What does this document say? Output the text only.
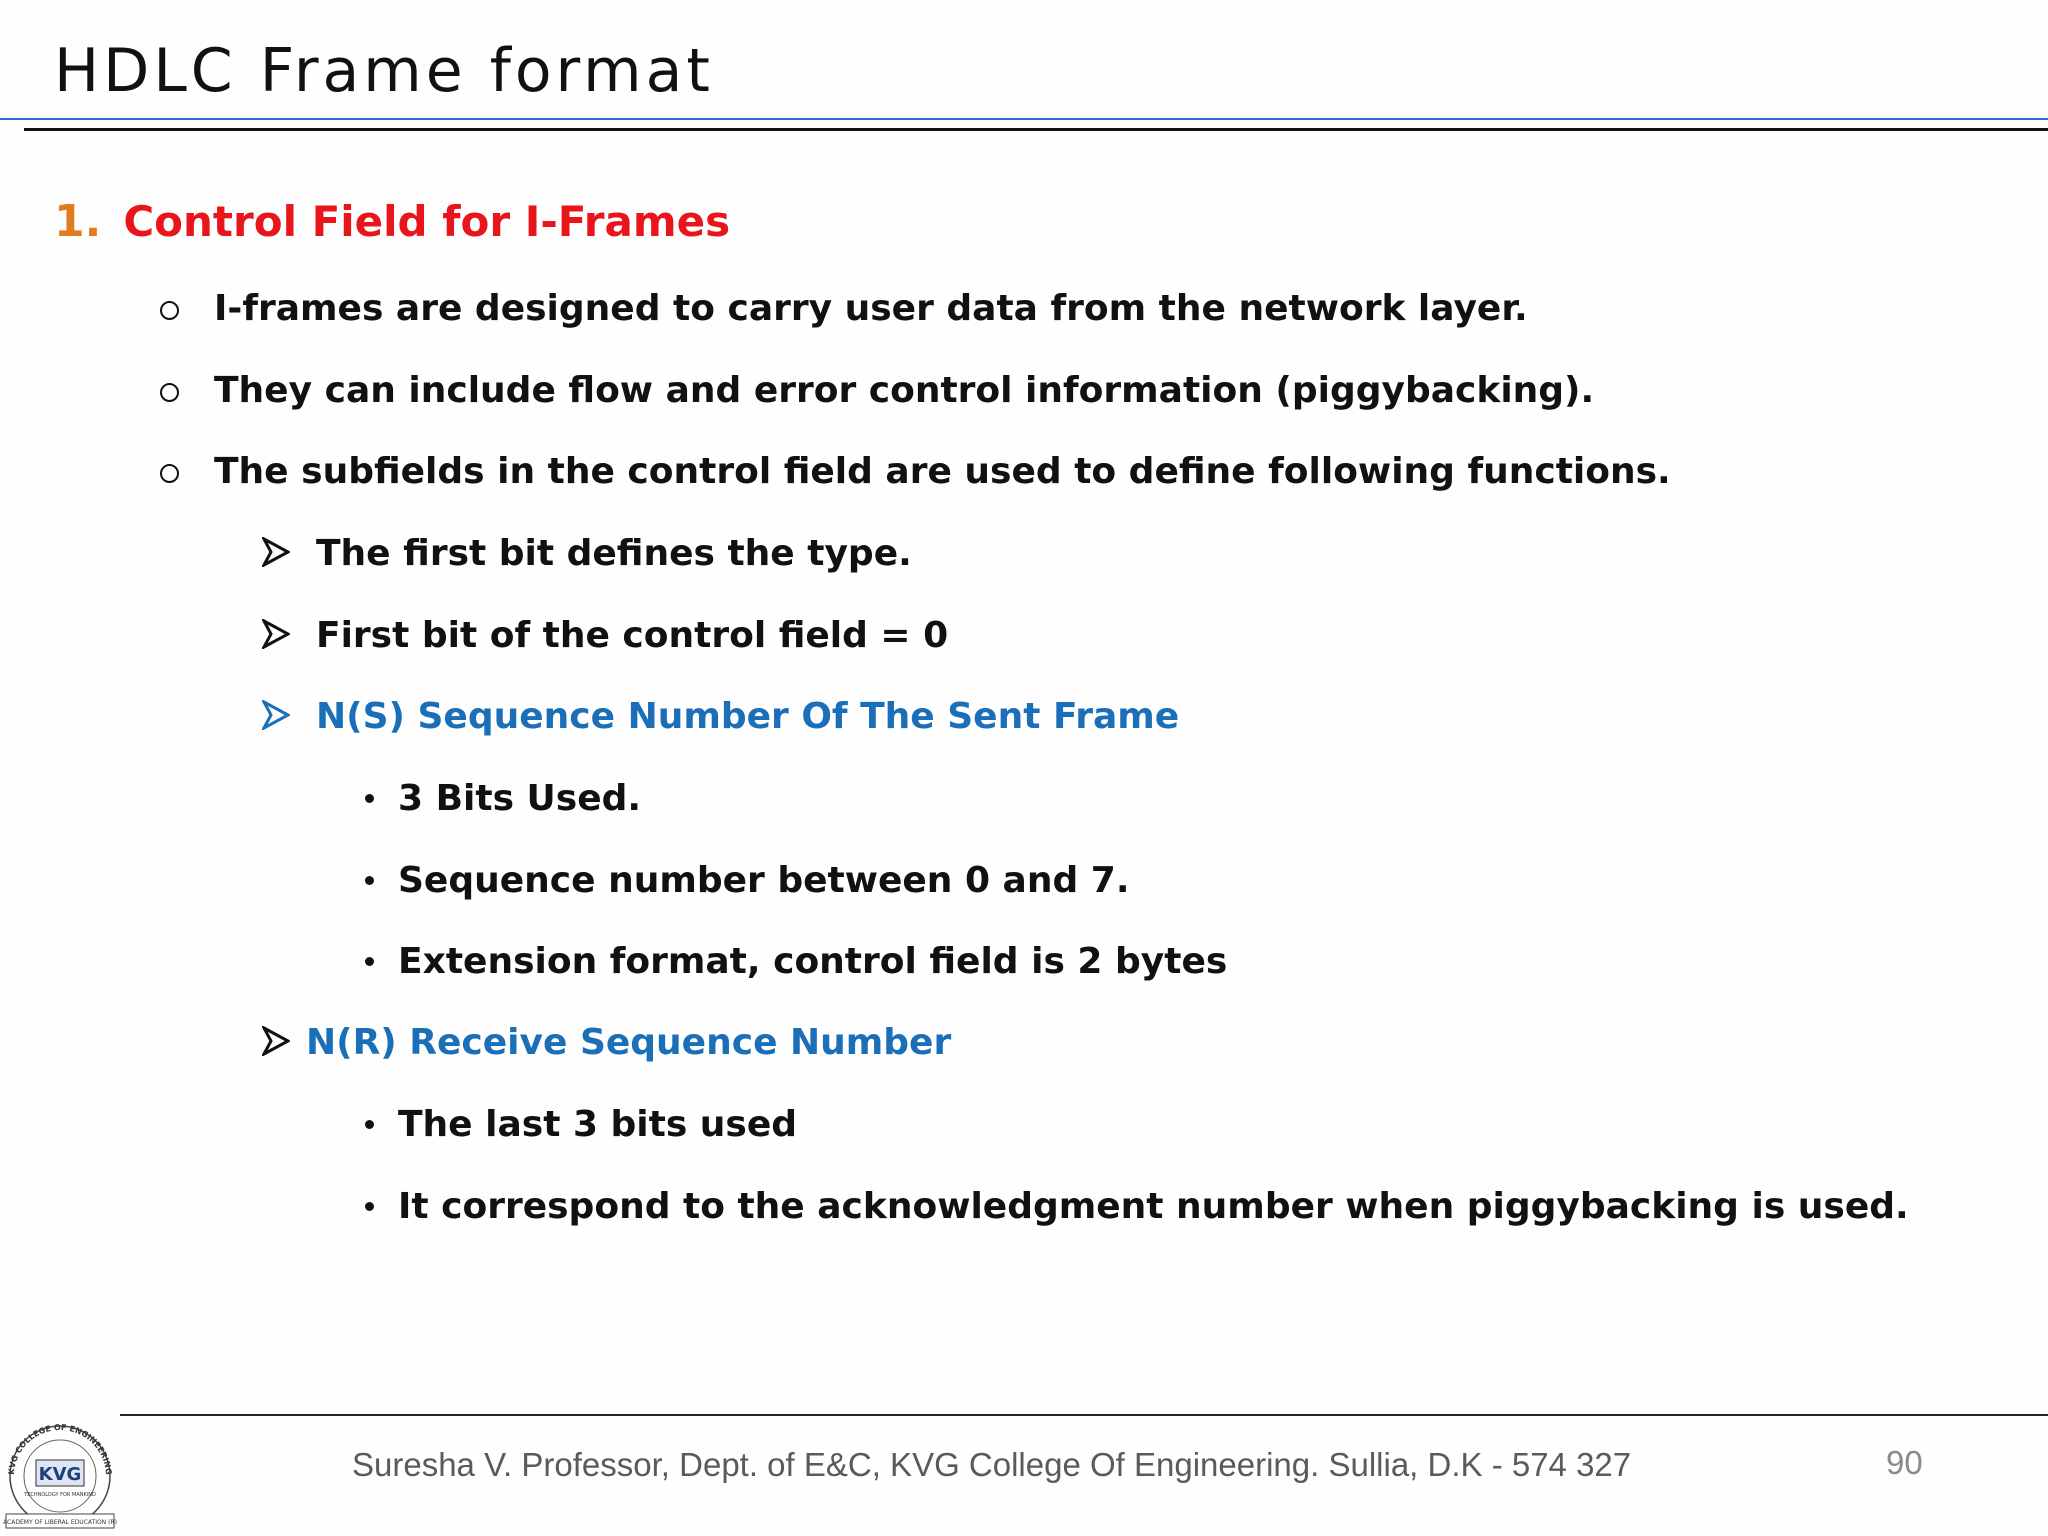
HDLC Frame format
1. Control Field for I-Frames
I-frames are designed to carry user data from the network layer.
They can include flow and error control information (piggybacking).
The subfields in the control field are used to define following functions.
The first bit defines the type.
First bit of the control field = 0
N(S) Sequence Number Of The Sent Frame
3 Bits Used.
Sequence number between 0 and 7.
Extension format, control field is 2 bytes
N(R) Receive Sequence Number
The last 3 bits used
It correspond to the acknowledgment number when piggybacking is used.
KVG COLLEGE OF ENGINEERING
KVG
TECHNOLOGY FOR MANKIND
ACADEMY OF LIBERAL EDUCATION (R)
Suresha V. Professor, Dept. of E&C, KVG College Of Engineering. Sullia, D.K - 574 327	90
